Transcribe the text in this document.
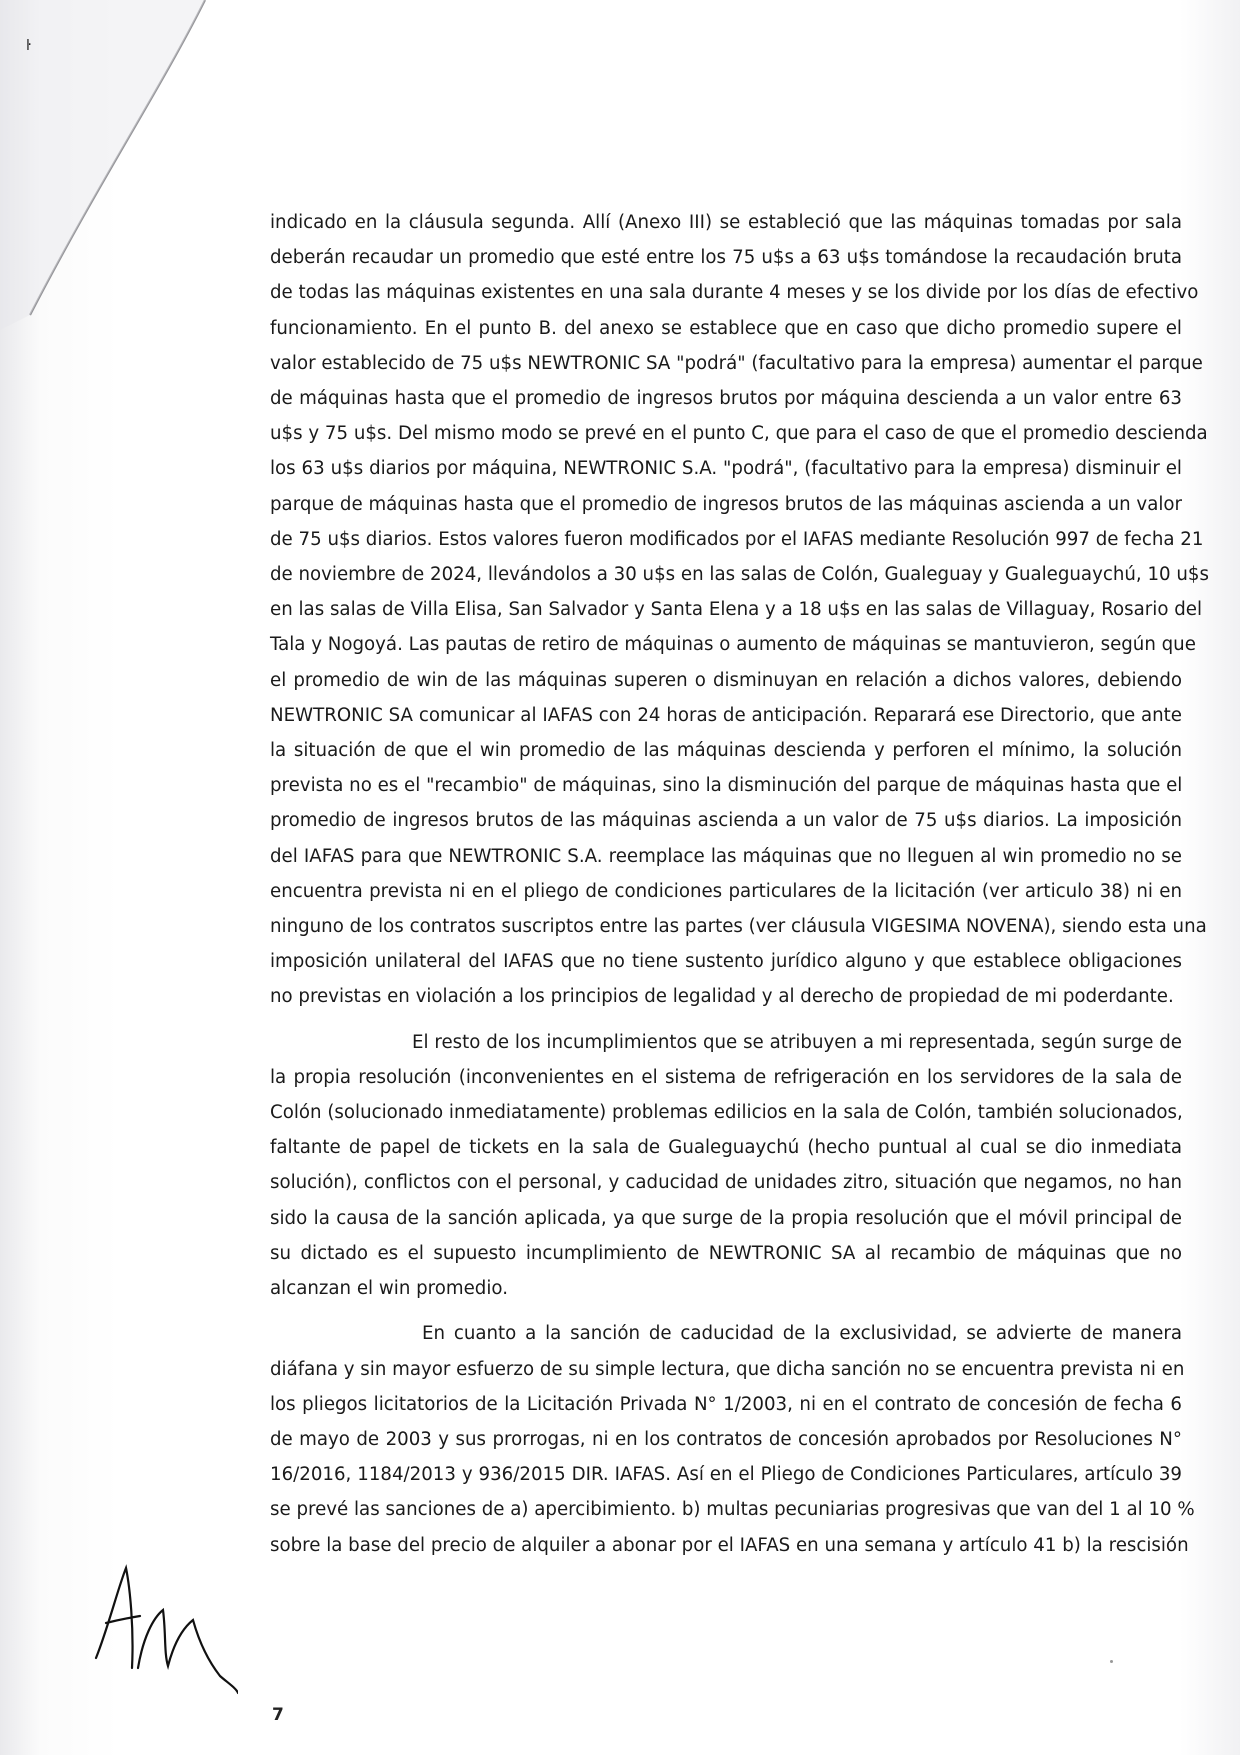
ŀ
indicado en la cláusula segunda. Allí (Anexo III) se estableció que las máquinas tomadas por sala
deberán recaudar un promedio que esté entre los 75 u$s a 63 u$s tomándose la recaudación bruta
de todas las máquinas existentes en una sala durante 4 meses y se los divide por los días de efectivo
funcionamiento. En el punto B. del anexo se establece que en caso que dicho promedio supere el
valor establecido de 75 u$s NEWTRONIC SA "podrá" (facultativo para la empresa) aumentar el parque
de máquinas hasta que el promedio de ingresos brutos por máquina descienda a un valor entre 63
u$s y 75 u$s. Del mismo modo se prevé en el punto C, que para el caso de que el promedio descienda
los 63 u$s diarios por máquina, NEWTRONIC S.A. "podrá", (facultativo para la empresa) disminuir el
parque de máquinas hasta que el promedio de ingresos brutos de las máquinas ascienda a un valor
de 75 u$s diarios. Estos valores fueron modificados por el IAFAS mediante Resolución 997 de fecha 21
de noviembre de 2024, llevándolos a 30 u$s en las salas de Colón, Gualeguay y Gualeguaychú, 10 u$s
en las salas de Villa Elisa, San Salvador y Santa Elena y a 18 u$s en las salas de Villaguay, Rosario del
Tala y Nogoyá. Las pautas de retiro de máquinas o aumento de máquinas se mantuvieron, según que
el promedio de win de las máquinas superen o disminuyan en relación a dichos valores, debiendo
NEWTRONIC SA comunicar al IAFAS con 24 horas de anticipación. Reparará ese Directorio, que ante
la situación de que el win promedio de las máquinas descienda y perforen el mínimo, la solución
prevista no es el "recambio" de máquinas, sino la disminución del parque de máquinas hasta que el
promedio de ingresos brutos de las máquinas ascienda a un valor de 75 u$s diarios. La imposición
del IAFAS para que NEWTRONIC S.A. reemplace las máquinas que no lleguen al win promedio no se
encuentra prevista ni en el pliego de condiciones particulares de la licitación (ver articulo 38) ni en
ninguno de los contratos suscriptos entre las partes (ver cláusula VIGESIMA NOVENA), siendo esta una
imposición unilateral del IAFAS que no tiene sustento jurídico alguno y que establece obligaciones
no previstas en violación a los principios de legalidad y al derecho de propiedad de mi poderdante.
El resto de los incumplimientos que se atribuyen a mi representada, según surge de
la propia resolución (inconvenientes en el sistema de refrigeración en los servidores de la sala de
Colón (solucionado inmediatamente) problemas edilicios en la sala de Colón, también solucionados,
faltante de papel de tickets en la sala de Gualeguaychú (hecho puntual al cual se dio inmediata
solución), conflictos con el personal, y caducidad de unidades zitro, situación que negamos, no han
sido la causa de la sanción aplicada, ya que surge de la propia resolución que el móvil principal de
su dictado es el supuesto incumplimiento de NEWTRONIC SA al recambio de máquinas que no
alcanzan el win promedio.
En cuanto a la sanción de caducidad de la exclusividad, se advierte de manera
diáfana y sin mayor esfuerzo de su simple lectura, que dicha sanción no se encuentra prevista ni en
los pliegos licitatorios de la Licitación Privada N° 1/2003, ni en el contrato de concesión de fecha 6
de mayo de 2003 y sus prorrogas, ni en los contratos de concesión aprobados por Resoluciones N°
16/2016, 1184/2013 y 936/2015 DIR. IAFAS. Así en el Pliego de Condiciones Particulares, artículo 39
se prevé las sanciones de a) apercibimiento. b) multas pecuniarias progresivas que van del 1 al 10 %
sobre la base del precio de alquiler a abonar por el IAFAS en una semana y artículo 41 b) la rescisión
7
